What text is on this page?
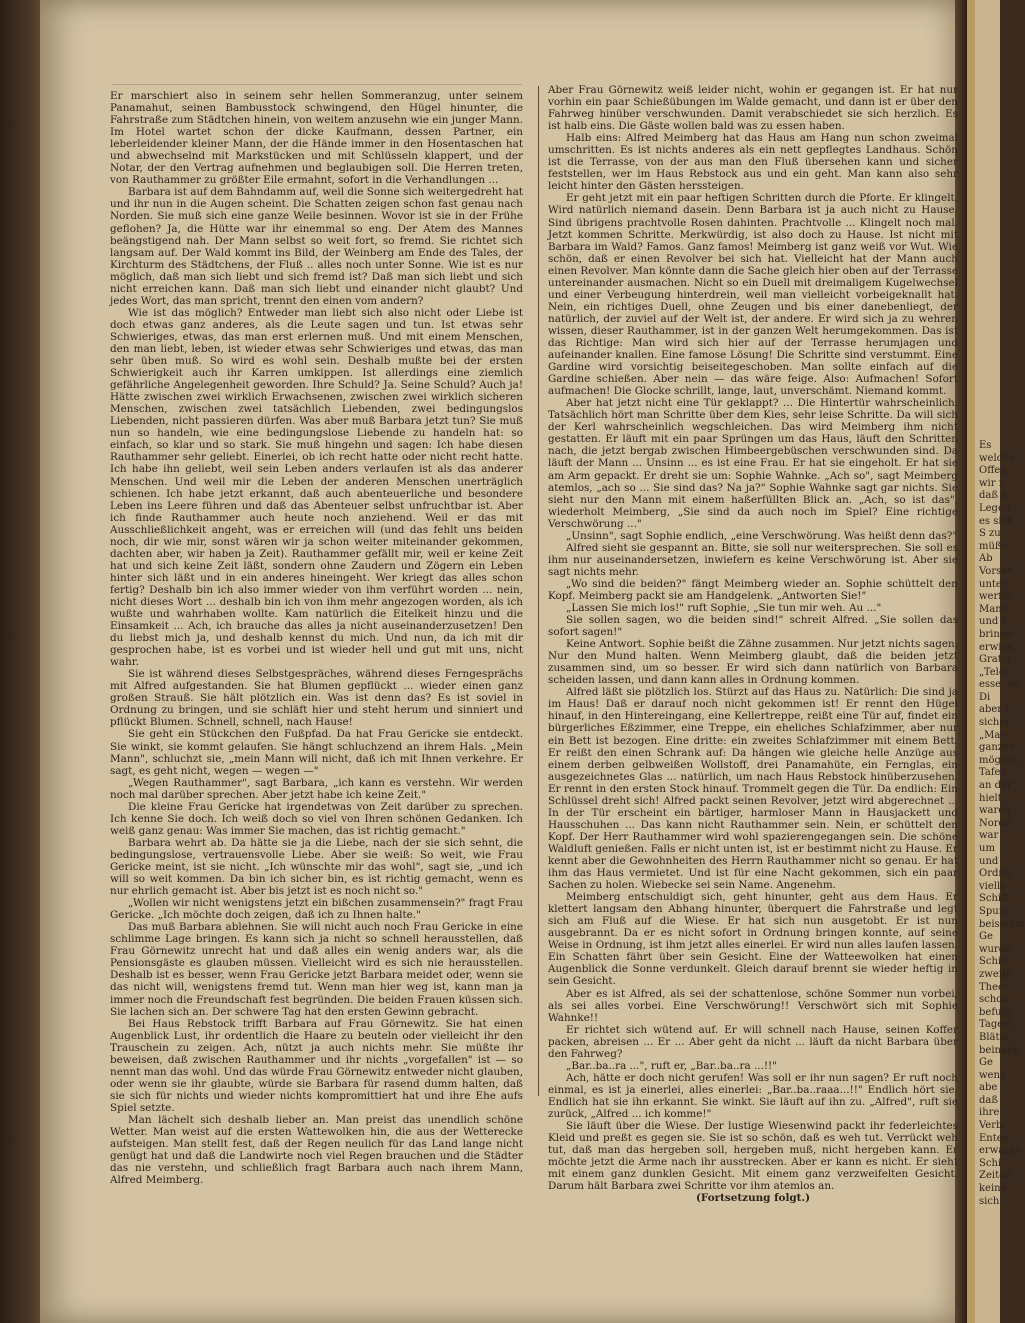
Es
welche
Offen
wir n
daß h
Legen
es sich
S zu
müße
Ab
Vorseh
unter
werfer
Mann
und h
bringe
erwies
Gratis
„Telef
esse, da
Di
aber f
sicher
„Mar
ganzen
möglich
Tafelr
an der
hielt
waren
Norde
war
um
und
Ordnu
vielle
Schiff
Spure
beisamm
Ge
wurde
Schiff
zweite
Theor
schon
befugt
Tagesl
Blätte
beinahe
Ge
wenn
abe
daß
ihre
Verbr
Enten
erwache
Schi
Zeiten
keine
sich

Er marschiert also in seinem sehr hellen Sommeranzug, unter seinem Panamahut, seinen Bambusstock schwingend, den Hügel hinunter, die Fahrstraße zum Städtchen hinein, von weitem anzusehn wie ein junger Mann. Im Hotel wartet schon der dicke Kaufmann, dessen Partner, ein leberleidender kleiner Mann, der die Hände immer in den Hosentaschen hat und abwechselnd mit Markstücken und mit Schlüsseln klappert, und der Notar, der den Vertrag aufnehmen und beglaubigen soll. Die Herren treten, von Rauthammer zu größter Eile ermahnt, sofort in die Verhandlungen ...

Barbara ist auf dem Bahndamm auf, weil die Sonne sich weitergedreht hat und ihr nun in die Augen scheint. Die Schatten zeigen schon fast genau nach Norden. Sie muß sich eine ganze Weile besinnen. Wovor ist sie in der Frühe geflohen? Ja, die Hütte war ihr einemmal so eng. Der Atem des Mannes beängstigend nah. Der Mann selbst so weit fort, so fremd. Sie richtet sich langsam auf. Der Wald kommt ins Bild, der Weinberg am Ende des Tales, der Kirchturm des Städtchens, der Fluß .. alles noch unter Sonne. Wie ist es nur möglich, daß man sich liebt und sich fremd ist? Daß man sich liebt und sich nicht erreichen kann. Daß man sich liebt und einander nicht glaubt? Und jedes Wort, das man spricht, trennt den einen vom andern?

Wie ist das möglich? Entweder man liebt sich also nicht oder Liebe ist doch etwas ganz anderes, als die Leute sagen und tun. Ist etwas sehr Schwieriges, etwas, das man erst erlernen muß. Und mit einem Menschen, den man liebt, leben, ist wieder etwas sehr Schwieriges und etwas, das man sehr üben muß. So wird es wohl sein. Deshalb mußte bei der ersten Schwierigkeit auch ihr Karren umkippen. Ist allerdings eine ziemlich gefährliche Angelegenheit geworden. Ihre Schuld? Ja. Seine Schuld? Auch ja! Hätte zwischen zwei wirklich Erwachsenen, zwischen zwei wirklich sicheren Menschen, zwischen zwei tatsächlich Liebenden, zwei bedingungslos Liebenden, nicht passieren dürfen. Was aber muß Barbara jetzt tun? Sie muß nun so handeln, wie eine bedingungslose Liebende zu handeln hat: so einfach, so klar und so stark. Sie muß hingehn und sagen: Ich habe diesen Rauthammer sehr geliebt. Einerlei, ob ich recht hatte oder nicht recht hatte. Ich habe ihn geliebt, weil sein Leben anders verlaufen ist als das anderer Menschen. Und weil mir die Leben der anderen Menschen unerträglich schienen. Ich habe jetzt erkannt, daß auch abenteuerliche und besondere Leben ins Leere führen und daß das Abenteuer selbst unfruchtbar ist. Aber ich finde Rauthammer auch heute noch anziehend. Weil er das mit Ausschließlichkeit angeht, was er erreichen will (und das fehlt uns beiden noch, dir wie mir, sonst wären wir ja schon weiter miteinander gekommen, dachten aber, wir haben ja Zeit). Rauthammer gefällt mir, weil er keine Zeit hat und sich keine Zeit läßt, sondern ohne Zaudern und Zögern ein Leben hinter sich läßt und in ein anderes hineingeht. Wer kriegt das alles schon fertig? Deshalb bin ich also immer wieder von ihm verführt worden ... nein, nicht dieses Wort ... deshalb bin ich von ihm mehr angezogen worden, als ich wußte und wahrhaben wollte. Kam natürlich die Eitelkeit hinzu und die Einsamkeit ... Ach, ich brauche das alles ja nicht auseinanderzusetzen! Den du liebst mich ja, und deshalb kennst du mich. Und nun, da ich mit dir gesprochen habe, ist es vorbei und ist wieder hell und gut mit uns, nicht wahr.

Sie ist während dieses Selbstgespräches, während dieses Ferngesprächs mit Alfred aufgestanden. Sie hat Blumen gepflückt ... wieder einen ganz großen Strauß. Sie hält plötzlich ein. Was ist denn das? Es ist soviel in Ordnung zu bringen, und sie schläft hier und steht herum und sinniert und pflückt Blumen. Schnell, schnell, nach Hause!

Sie geht ein Stückchen den Fußpfad. Da hat Frau Gericke sie entdeckt. Sie winkt, sie kommt gelaufen. Sie hängt schluchzend an ihrem Hals. „Mein Mann", schluchzt sie, „mein Mann will nicht, daß ich mit Ihnen verkehre. Er sagt, es geht nicht, wegen — wegen —"

„Wegen Rauthammer", sagt Barbara, „ich kann es verstehn. Wir werden noch mal darüber sprechen. Aber jetzt habe ich keine Zeit."

Die kleine Frau Gericke hat irgendetwas von Zeit darüber zu sprechen. Ich kenne Sie doch. Ich weiß doch so viel von Ihren schönen Gedanken. Ich weiß ganz genau: Was immer Sie machen, das ist richtig gemacht."

Barbara wehrt ab. Da hätte sie ja die Liebe, nach der sie sich sehnt, die bedingungslose, vertrauensvolle Liebe. Aber sie weiß: So weit, wie Frau Gericke meint, ist sie nicht. „Ich wünschte mir das wohl", sagt sie, „und ich will so weit kommen. Da bin ich sicher bin, es ist richtig gemacht, wenn es nur ehrlich gemacht ist. Aber bis jetzt ist es noch nicht so."

„Wollen wir nicht wenigstens jetzt ein bißchen zusammensein?" fragt Frau Gericke. „Ich möchte doch zeigen, daß ich zu Ihnen halte."

Das muß Barbara ablehnen. Sie will nicht auch noch Frau Gericke in eine schlimme Lage bringen. Es kann sich ja nicht so schnell herausstellen, daß Frau Görnewitz unrecht hat und daß alles ein wenig anders war, als die Pensionsgäste es glauben müssen. Vielleicht wird es sich nie herausstellen. Deshalb ist es besser, wenn Frau Gericke jetzt Barbara meidet oder, wenn sie das nicht will, wenigstens fremd tut. Wenn man hier weg ist, kann man ja immer noch die Freundschaft fest begründen. Die beiden Frauen küssen sich. Sie lachen sich an. Der schwere Tag hat den ersten Gewinn gebracht.

Bei Haus Rebstock trifft Barbara auf Frau Görnewitz. Sie hat einen Augenblick Lust, ihr ordentlich die Haare zu beuteln oder vielleicht ihr den Trauschein zu zeigen. Ach, nützt ja auch nichts mehr. Sie müßte ihr beweisen, daß zwischen Rauthammer und ihr nichts „vorgefallen" ist — so nennt man das wohl. Und das würde Frau Görnewitz entweder nicht glauben, oder wenn sie ihr glaubte, würde sie Barbara für rasend dumm halten, daß sie sich für nichts und wieder nichts kompromittiert hat und ihre Ehe aufs Spiel setzte.

Man lächelt sich deshalb lieber an. Man preist das unendlich schöne Wetter. Man weist auf die ersten Wattewolken hin, die aus der Wetterecke aufsteigen. Man stellt fest, daß der Regen neulich für das Land lange nicht genügt hat und daß die Landwirte noch viel Regen brauchen und die Städter das nie verstehn, und schließlich fragt Barbara auch nach ihrem Mann, Alfred Meimberg.

Aber Frau Görnewitz weiß leider nicht, wohin er gegangen ist. Er hat nur vorhin ein paar Schießübungen im Walde gemacht, und dann ist er über den Fahrweg hinüber verschwunden. Damit verabschiedet sie sich herzlich. Es ist halb eins. Die Gäste wollen bald was zu essen haben.

Halb eins: Alfred Meimberg hat das Haus am Hang nun schon zweimal umschritten. Es ist nichts anderes als ein nett gepflegtes Landhaus. Schön ist die Terrasse, von der aus man den Fluß übersehen kann und sicher feststellen, wer im Haus Rebstock aus und ein geht. Man kann also sehr leicht hinter den Gästen herssteigen.

Er geht jetzt mit ein paar heftigen Schritten durch die Pforte. Er klingelt. Wird natürlich niemand dasein. Denn Barbara ist ja auch nicht zu Hause. Sind übrigens prachtvolle Rosen dahinten. Prachtvolle ... Klingelt noch mal. Jetzt kommen Schritte. Merkwürdig, ist also doch zu Hause. Ist nicht mit Barbara im Wald? Famos. Ganz famos! Meimberg ist ganz weiß vor Wut. Wie schön, daß er einen Revolver bei sich hat. Vielleicht hat der Mann auch einen Revolver. Man könnte dann die Sache gleich hier oben auf der Terrasse untereinander ausmachen. Nicht so ein Duell mit dreimaligem Kugelwechsel und einer Verbeugung hinterdrein, weil man vielleicht vorbeigeknallt hat. Nein, ein richtiges Duell, ohne Zeugen und bis einer danebenliegt, der natürlich, der zuviel auf der Welt ist, der andere. Er wird sich ja zu wehren wissen, dieser Rauthammer, ist in der ganzen Welt herumgekommen. Das ist das Richtige: Man wird sich hier auf der Terrasse herumjagen und aufeinander knallen. Eine famose Lösung! Die Schritte sind verstummt. Eine Gardine wird vorsichtig beiseitegeschoben. Man sollte einfach auf die Gardine schießen. Aber nein — das wäre feige. Also: Aufmachen! Sofort aufmachen! Die Glocke schrillt, lange, laut, unverschämt. Niemand kommt.

Aber hat jetzt nicht eine Tür geklappt? ... Die Hintertür wahrscheinlich. Tatsächlich hört man Schritte über dem Kies, sehr leise Schritte. Da will sich der Kerl wahrscheinlich wegschleichen. Das wird Meimberg ihm nicht gestatten. Er läuft mit ein paar Sprüngen um das Haus, läuft den Schritten nach, die jetzt bergab zwischen Himbeergebüschen verschwunden sind. Da läuft der Mann ... Unsinn ... es ist eine Frau. Er hat sie eingeholt. Er hat sie am Arm gepackt. Er dreht sie um: Sophie Wahnke. „Ach so", sagt Meimberg atemlos, „ach so ... Sie sind das? Na ja?" Sophie Wahnke sagt gar nichts. Sie sieht nur den Mann mit einem haßerfüllten Blick an. „Ach, so ist das", wiederholt Meimberg, „Sie sind da auch noch im Spiel? Eine richtige Verschwörung ..."

„Unsinn", sagt Sophie endlich, „eine Verschwörung. Was heißt denn das?"

Alfred sieht sie gespannt an. Bitte, sie soll nur weitersprechen. Sie soll es ihm nur auseinandersetzen, inwiefern es keine Verschwörung ist. Aber sie sagt nichts mehr.

„Wo sind die beiden?" fängt Meimberg wieder an. Sophie schüttelt den Kopf. Meimberg packt sie am Handgelenk. „Antworten Sie!"

„Lassen Sie mich los!" ruft Sophie, „Sie tun mir weh. Au ..."

Sie sollen sagen, wo die beiden sind!" schreit Alfred. „Sie sollen das sofort sagen!"

Keine Antwort. Sophie beißt die Zähne zusammen. Nur jetzt nichts sagen. Nur den Mund halten. Wenn Meimberg glaubt, daß die beiden jetzt zusammen sind, um so besser. Er wird sich dann natürlich von Barbara scheiden lassen, und dann kann alles in Ordnung kommen.

Alfred läßt sie plötzlich los. Stürzt auf das Haus zu. Natürlich: Die sind ja im Haus! Daß er darauf noch nicht gekommen ist! Er rennt den Hügel hinauf, in den Hintereingang, eine Kellertreppe, reißt eine Tür auf, findet ein bürgerliches Eßzimmer, eine Treppe, ein eheliches Schlafzimmer, aber nur ein Bett ist bezogen. Eine dritte: ein zweites Schlafzimmer mit einem Bett. Er reißt den einen Schrank auf: Da hängen wie gleiche helle Anzüge aus einem derben gelbweißen Wollstoff, drei Panamahüte, ein Fernglas, ein ausgezeichnetes Glas ... natürlich, um nach Haus Rebstock hinüberzusehen. Er rennt in den ersten Stock hinauf. Trommelt gegen die Tür. Da endlich: Ein Schlüssel dreht sich! Alfred packt seinen Revolver, jetzt wird abgerechnet ... In der Tür erscheint ein bärtiger, harmloser Mann in Hausjackett und Hausschuhen ... Das kann nicht Rauthammer sein. Nein, er schüttelt den Kopf. Der Herr Rauthammer wird wohl spazierengegangen sein. Die schöne Waldluft genießen. Falls er nicht unten ist, ist er bestimmt nicht zu Hause. Er kennt aber die Gewohnheiten des Herrn Rauthammer nicht so genau. Er hat ihm das Haus vermietet. Und ist für eine Nacht gekommen, sich ein paar Sachen zu holen. Wiebecke sei sein Name. Angenehm.

Meimberg entschuldigt sich, geht hinunter, geht aus dem Haus. Er klettert langsam den Abhang hinunter, überquert die Fahrstraße und legt sich am Fluß auf die Wiese. Er hat sich nun ausgetobt. Er ist nun ausgebrannt. Da er es nicht sofort in Ordnung bringen konnte, auf seine Weise in Ordnung, ist ihm jetzt alles einerlei. Er wird nun alles laufen lassen. Ein Schatten fährt über sein Gesicht. Eine der Watteewolken hat einen Augenblick die Sonne verdunkelt. Gleich darauf brennt sie wieder heftig in sein Gesicht.

Aber es ist Alfred, als sei der schattenlose, schöne Sommer nun vorbei, als sei alles vorbei. Eine Verschwörung!! Verschwört sich mit Sophie Wahnke!!

Er richtet sich wütend auf. Er will schnell nach Hause, seinen Koffer packen, abreisen ... Er ... Aber geht da nicht ... läuft da nicht Barbara über den Fahrweg?

„Bar..ba..ra ...", ruft er, „Bar..ba..ra ...!!"

Ach, hätte er doch nicht gerufen! Was soll er ihr nun sagen? Er ruft noch einmal, es ist ja einerlei, alles einerlei: „Bar..ba..raaa...!!" Endlich hört sie. Endlich hat sie ihn erkannt. Sie winkt. Sie läuft auf ihn zu. „Alfred", ruft sie zurück, „Alfred ... ich komme!"

Sie läuft über die Wiese. Der lustige Wiesenwind packt ihr federleichtes Kleid und preßt es gegen sie. Sie ist so schön, daß es weh tut. Verrückt weh tut, daß man das hergeben soll, hergeben muß, nicht hergeben kann. Er möchte jetzt die Arme nach ihr ausstrecken. Aber er kann es nicht. Er sieht mit einem ganz dunklen Gesicht. Mit einem ganz verzweifelten Gesicht. Darum hält Barbara zwei Schritte vor ihm atemlos an.

(Fortsetzung folgt.)
